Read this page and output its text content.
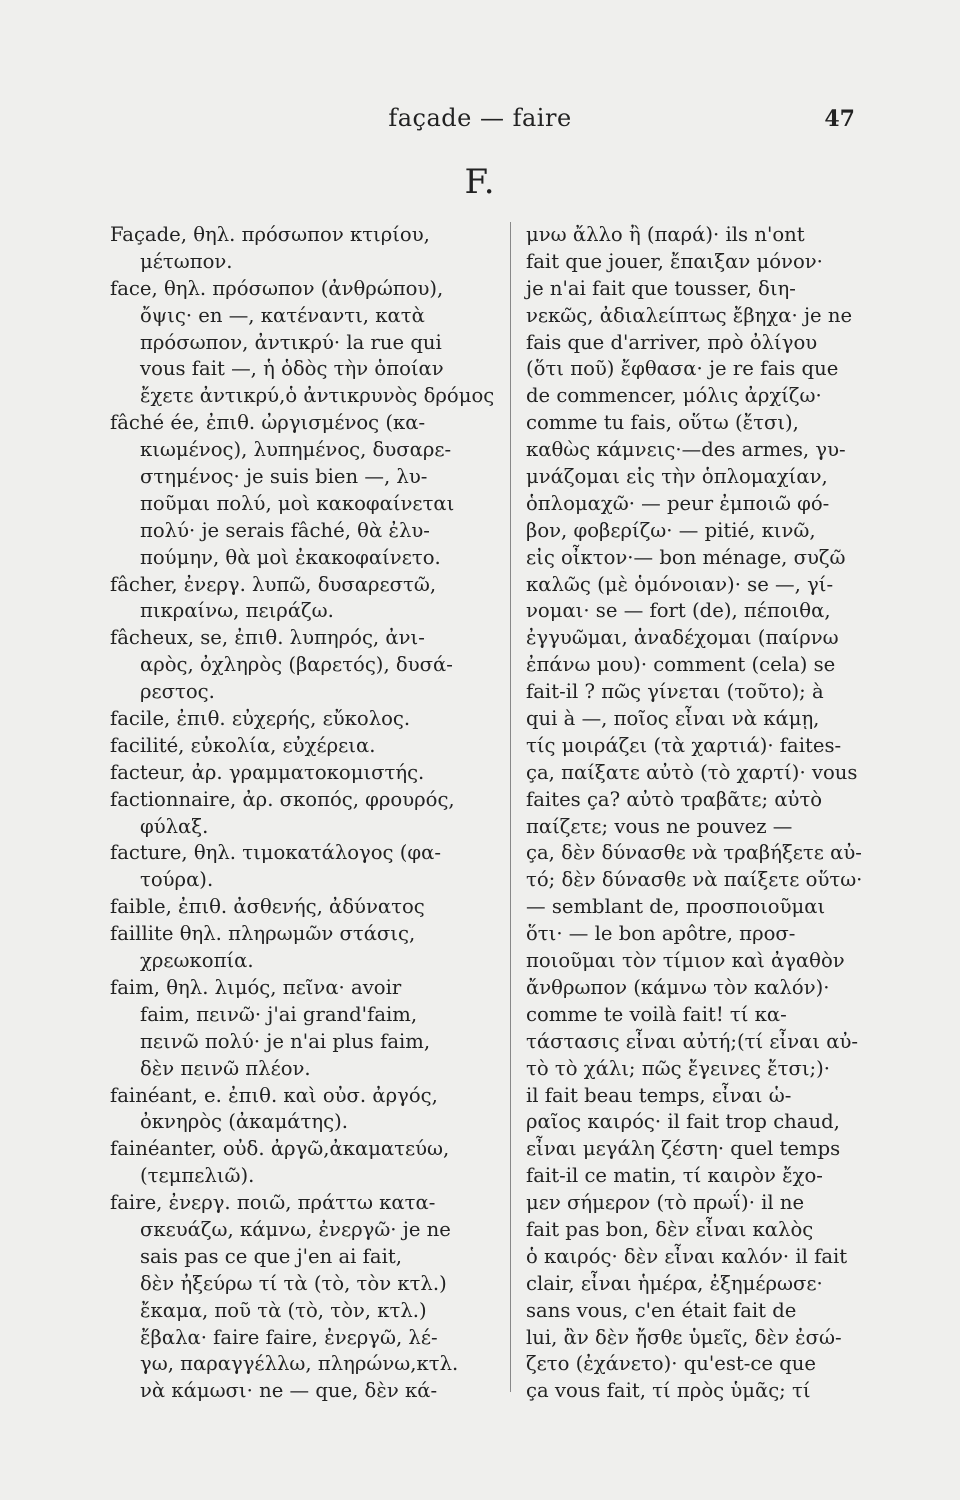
façade — faire	47
F.
Façade, θηλ. πρόσωπον κτιρίου,
μέτωπον.
face, θηλ. πρόσωπον (ἀνθρώπου),
ὄψις· en —, κατέναντι, κατὰ
πρόσωπον, ἀντικρύ· la rue qui
vous fait —, ἡ ὁδὸς τὴν ὁποίαν
ἔχετε ἀντικρύ,ὁ ἀντικρυνὸς δρόμος
fâché ée, ἐπιθ. ὠργισμένος (κα-
κιωμένος), λυπημένος, δυσαρε-
στημένος· je suis bien —, λυ-
ποῦμαι πολύ, μοὶ κακοφαίνεται
πολύ· je serais fâché, θὰ ἐλυ-
πούμην, θὰ μοὶ ἐκακοφαίνετο.
fâcher, ἐνεργ. λυπῶ, δυσαρεστῶ,
πικραίνω, πειράζω.
fâcheux, se, ἐπιθ. λυπηρός, ἀνι-
αρὸς, ὀχληρὸς (βαρετός), δυσά-
ρεστος.
facile, ἐπιθ. εὐχερής, εὔκολος.
facilité, εὐκολία, εὐχέρεια.
facteur, ἀρ. γραμματοκομιστής.
factionnaire, ἀρ. σκοπός, φρουρός,
φύλαξ.
facture, θηλ. τιμοκατάλογος (φα-
τούρα).
faible, ἐπιθ. ἀσθενής, ἀδύνατος
faillite θηλ. πληρωμῶν στάσις,
χρεωκοπία.
faim, θηλ. λιμός, πεῖνα· avoir
faim, πεινῶ· j'ai grand'faim,
πεινῶ πολύ· je n'ai plus faim,
δὲν πεινῶ πλέον.
fainéant, e. ἐπιθ. καὶ οὐσ. ἀργός,
ὀκνηρὸς (ἀκαμάτης).
fainéanter, οὐδ. ἀργῶ,ἀκαματεύω,
(τεμπελιῶ).
faire, ἐνεργ. ποιῶ, πράττω κατα-
σκευάζω, κάμνω, ἐνεργῶ· je ne
sais pas ce que j'en ai fait,
δὲν ἠξεύρω τί τὰ (τὸ, τὸν κτλ.)
ἔκαμα, ποῦ τὰ (τὸ, τὸν, κτλ.)
ἔβαλα· faire faire, ἐνεργῶ, λέ-
γω, παραγγέλλω, πληρώνω,κτλ.
νὰ κάμωσι· ne — que, δὲν κά-
μνω ἄλλο ἢ (παρά)· ils n'ont
fait que jouer, ἔπαιξαν μόνον·
je n'ai fait que tousser, διη-
νεκῶς, ἀδιαλείπτως ἔβηχα· je ne
fais que d'arriver, πρὸ ὀλίγου
(ὅτι ποῦ) ἔφθασα· je re fais que
de commencer, μόλις ἀρχίζω·
comme tu fais, οὕτω (ἔτσι),
καθὼς κάμνεις·—des armes, γυ-
μνάζομαι εἰς τὴν ὁπλομαχίαν,
ὁπλομαχῶ· — peur ἐμποιῶ φό-
βον, φοβερίζω· — pitié, κινῶ,
εἰς οἶκτον·— bon ménage, συζῶ
καλῶς (μὲ ὁμόνοιαν)· se —, γί-
νομαι· se — fort (de), πέποιθα,
ἐγγυῶμαι, ἀναδέχομαι (παίρνω
ἐπάνω μου)· comment (cela) se
fait-il ? πῶς γίνεται (τοῦτο); à
qui à —, ποῖος εἶναι νὰ κάμῃ,
τίς μοιράζει (τὰ χαρτιά)· faites-
ça, παίξατε αὐτὸ (τὸ χαρτί)· vous
faites ça? αὐτὸ τραβᾶτε; αὐτὸ
παίζετε; vous ne pouvez —
ça, δὲν δύνασθε νὰ τραβήξετε αὐ-
τό; δὲν δύνασθε νὰ παίξετε οὕτω·
— semblant de, προσποιοῦμαι
ὅτι· — le bon apôtre, προσ-
ποιοῦμαι τὸν τίμιον καὶ ἀγαθὸν
ἄνθρωπον (κάμνω τὸν καλόν)·
comme te voilà fait! τί κα-
τάστασις εἶναι αὐτή;(τί εἶναι αὐ-
τὸ τὸ χάλι; πῶς ἔγεινες ἔτσι;)·
il fait beau temps, εἶναι ὡ-
ραῖος καιρός· il fait trop chaud,
εἶναι μεγάλη ζέστη· quel temps
fait-il ce matin, τί καιρὸν ἔχο-
μεν σήμερον (τὸ πρωΐ)· il ne
fait pas bon, δὲν εἶναι καλὸς
ὁ καιρός· δὲν εἶναι καλόν· il fait
clair, εἶναι ἡμέρα, ἐξημέρωσε·
sans vous, c'en était fait de
lui, ἂν δὲν ἤσθε ὑμεῖς, δὲν ἐσώ-
ζετο (ἐχάνετο)· qu'est-ce que
ça vous fait, τί πρὸς ὑμᾶς; τί
